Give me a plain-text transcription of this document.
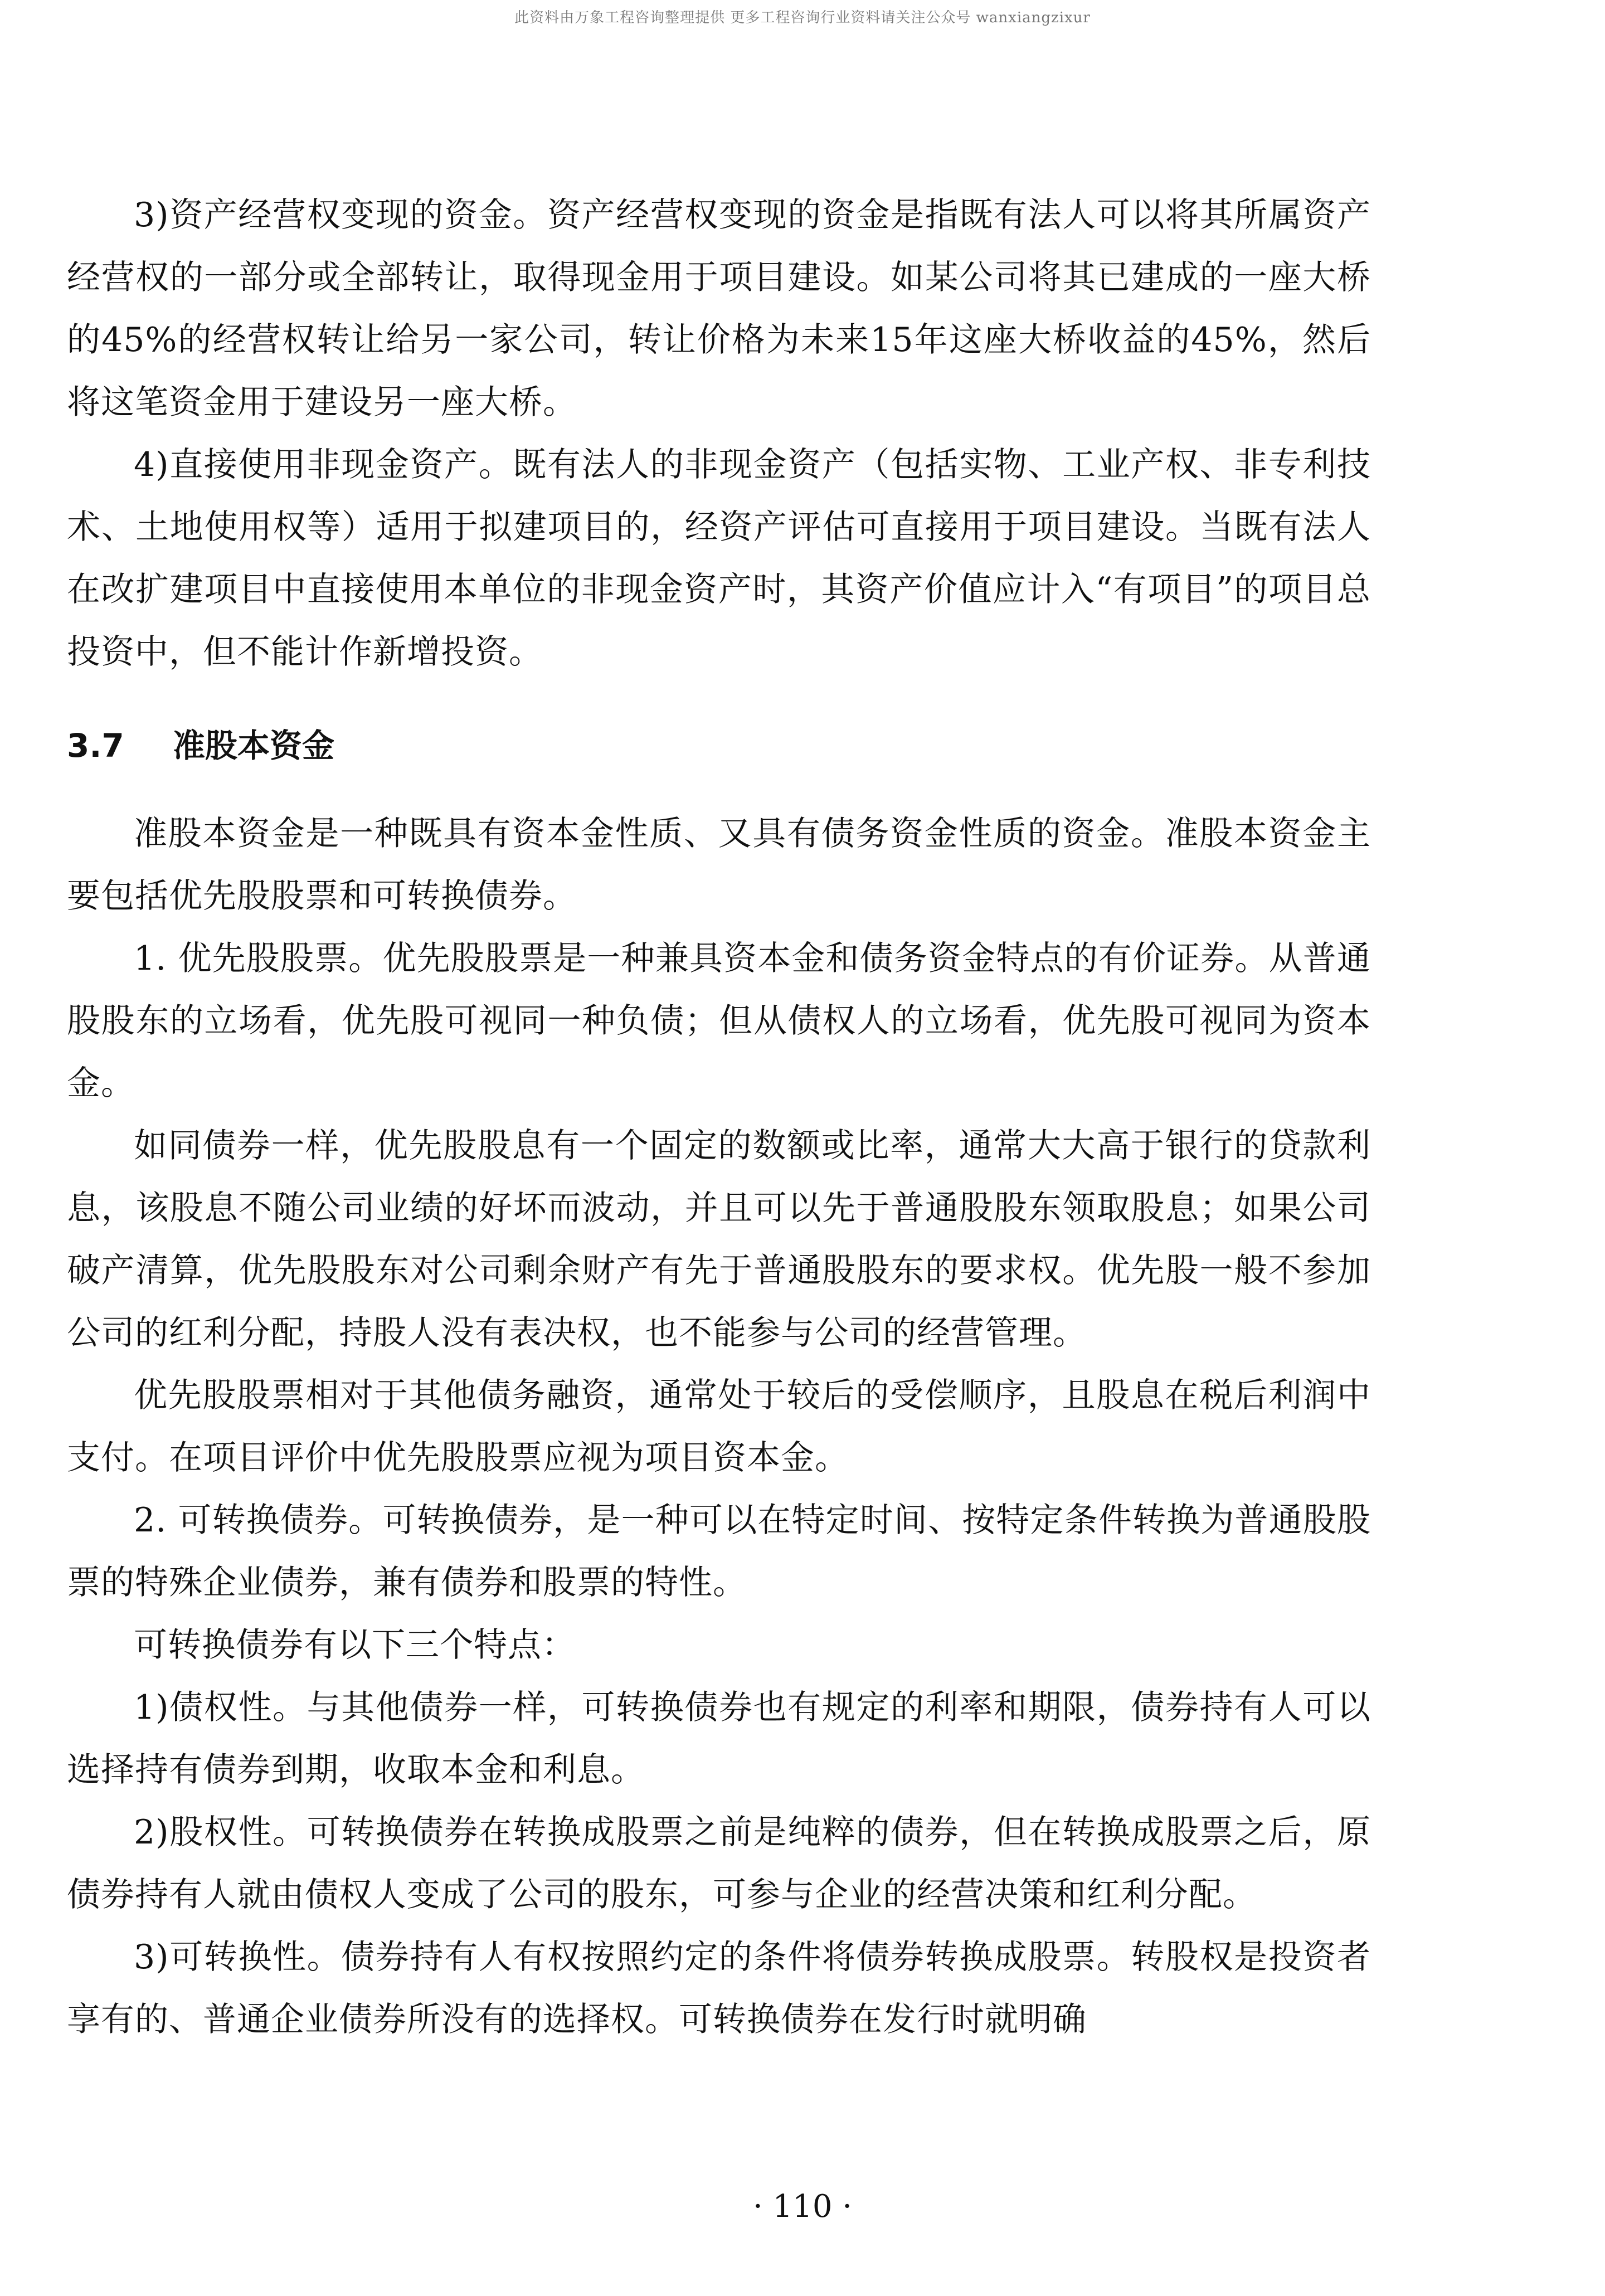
此资料由万象工程咨询整理提供 更多工程咨询行业资料请关注公众号 wanxiangzixur

3)资产经营权变现的资金。资产经营权变现的资金是指既有法人可以将其所属资产经营权的一部分或全部转让，取得现金用于项目建设。如某公司将其已建成的一座大桥的45%的经营权转让给另一家公司，转让价格为未来15年这座大桥收益的45%，然后将这笔资金用于建设另一座大桥。

4)直接使用非现金资产。既有法人的非现金资产（包括实物、工业产权、非专利技术、土地使用权等）适用于拟建项目的，经资产评估可直接用于项目建设。当既有法人在改扩建项目中直接使用本单位的非现金资产时，其资产价值应计入“有项目”的项目总投资中，但不能计作新增投资。

3.7 准股本资金

准股本资金是一种既具有资本金性质、又具有债务资金性质的资金。准股本资金主要包括优先股股票和可转换债券。

1. 优先股股票。优先股股票是一种兼具资本金和债务资金特点的有价证券。从普通股股东的立场看，优先股可视同一种负债；但从债权人的立场看，优先股可视同为资本金。

如同债券一样，优先股股息有一个固定的数额或比率，通常大大高于银行的贷款利息，该股息不随公司业绩的好坏而波动，并且可以先于普通股股东领取股息；如果公司破产清算，优先股股东对公司剩余财产有先于普通股股东的要求权。优先股一般不参加公司的红利分配，持股人没有表决权，也不能参与公司的经营管理。

优先股股票相对于其他债务融资，通常处于较后的受偿顺序，且股息在税后利润中支付。在项目评价中优先股股票应视为项目资本金。

2. 可转换债券。可转换债券，是一种可以在特定时间、按特定条件转换为普通股股票的特殊企业债券，兼有债券和股票的特性。

可转换债券有以下三个特点：

1)债权性。与其他债券一样，可转换债券也有规定的利率和期限，债券持有人可以选择持有债券到期，收取本金和利息。

2)股权性。可转换债券在转换成股票之前是纯粹的债券，但在转换成股票之后，原债券持有人就由债权人变成了公司的股东，可参与企业的经营决策和红利分配。

3)可转换性。债券持有人有权按照约定的条件将债券转换成股票。转股权是投资者享有的、普通企业债券所没有的选择权。可转换债券在发行时就明确

· 110 ·
